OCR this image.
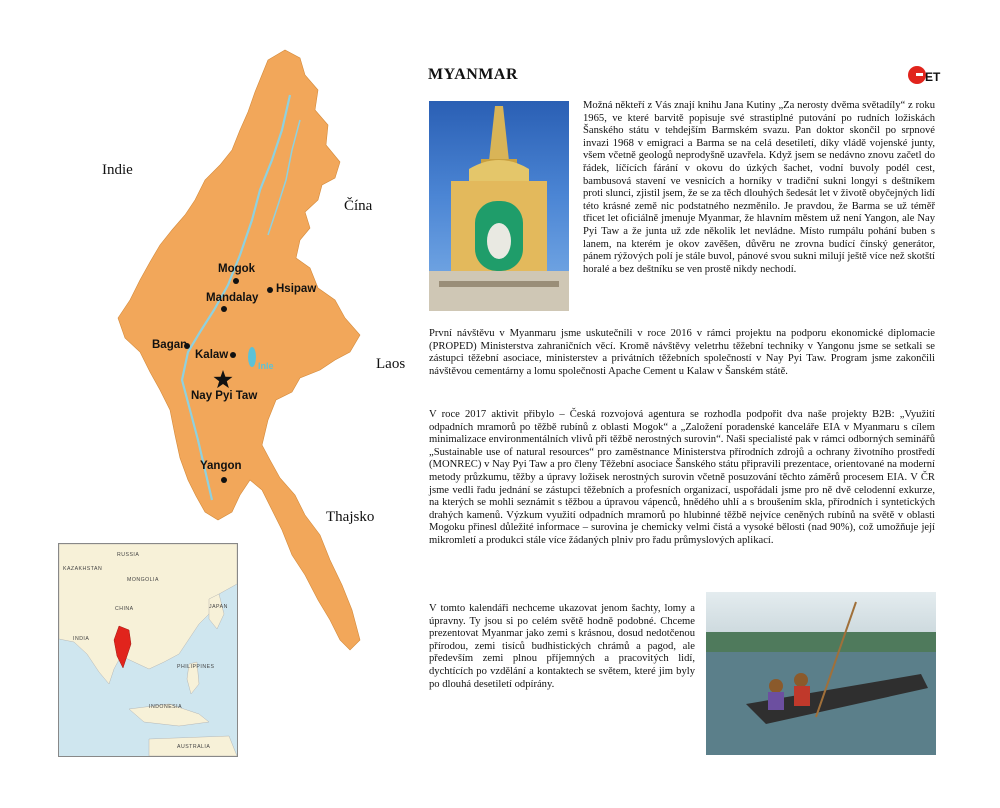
Indie
Čína
Laos
Thajsko
Mogok
Hsipaw
Mandalay
Bagan
Kalaw
Inle
Nay Pyi Taw
Yangon
RUSSIA
KAZAKHSTAN
MONGOLIA
CHINA	JAPAN
INDIA
PHILIPPINES
INDONESIA
AUSTRALIA
MYANMAR	ET

Možná někteří z Vás znají knihu Jana Kutiny „Za nerosty dvěma světadíly“ z roku 1965, ve které barvitě popisuje své strastiplné putování po rudních ložiskách Šanského státu v tehdejším Barmském svazu. Pan doktor skončil po srpnové invazi 1968 v emigraci a Barma se na celá desetiletí, díky vládě vojenské junty, všem včetně geologů neprodyšně uzavřela. Když jsem se nedávno znovu začetl do řádek, líčících fárání v okovu do úzkých šachet, vodní buvoly podél cest, bambusová stavení ve vesnicích a horníky v tradiční sukni longyi s deštníkem proti slunci, zjistil jsem, že se za těch dlouhých šedesát let v životě obyčejných lidí této krásné země nic podstatného nezměnilo. Je pravdou, že Barma se už téměř třicet let oficiálně jmenuje Myanmar, že hlavním městem už není Yangon, ale Nay Pyi Taw a že junta už zde několik let nevládne. Místo rumpálu pohání buben s lanem, na kterém je okov zavěšen, důvěru ne zrovna budící čínský generátor, pánem rýžových polí je stále buvol, pánové svou sukni milují ještě více než skotští horalé a bez deštníku se ven prostě nikdy nechodí.

První návštěvu v Myanmaru jsme uskutečnili v roce 2016 v rámci projektu na podporu ekonomické diplomacie (PROPED) Ministerstva zahraničních věcí. Kromě návštěvy veletrhu těžební techniky v Yangonu jsme se setkali se zástupci těžební asociace, ministerstev a privátních těžebních společností v Nay Pyi Taw. Program jsme zakončili návštěvou cementárny a lomu společnosti Apache Cement u Kalaw v Šanském státě.

V roce 2017 aktivit přibylo – Česká rozvojová agentura se rozhodla podpořit dva naše projekty B2B: „Využití odpadních mramorů po těžbě rubínů z oblasti Mogok“ a „Založení poradenské kanceláře EIA v Myanmaru s cílem minimalizace environmentálních vlivů při těžbě nerostných surovin“. Naši specialisté pak v rámci odborných seminářů „Sustainable use of natural resources“ pro zaměstnance Ministerstva přírodních zdrojů a ochrany životního prostředí (MONREC) v Nay Pyi Taw a pro členy Těžební asociace Šanského státu připravili prezentace, orientované na moderní metody průzkumu, těžby a úpravy ložisek nerostných surovin včetně posuzování těchto záměrů procesem EIA. V ČR jsme vedli řadu jednání se zástupci těžebních a profesních organizací, uspořádali jsme pro ně dvě celodenní exkurze, na kterých se mohli seznámit s těžbou a úpravou vápenců, hnědého uhlí a s broušením skla, přírodních i syntetických drahých kamenů. Výzkum využití odpadních mramorů po hlubinné těžbě nejvíce ceněných rubínů na světě v oblasti Mogoku přinesl důležité informace – surovina je chemicky velmi čistá a vysoké bělosti (nad 90%), což umožňuje její mikromletí a produkci stále více žádaných plniv pro řadu průmyslových aplikací.

V tomto kalendáři nechceme ukazovat jenom šachty, lomy a úpravny. Ty jsou si po celém světě hodně podobné. Chceme prezentovat Myanmar jako zemi s krásnou, dosud nedotčenou přírodou, zemi tisíců budhistických chrámů a pagod, ale především zemi plnou příjemných a pracovitých lidí, dychtících po vzdělání a kontaktech se světem, které jim byly po dlouhá desetiletí odpírány.
